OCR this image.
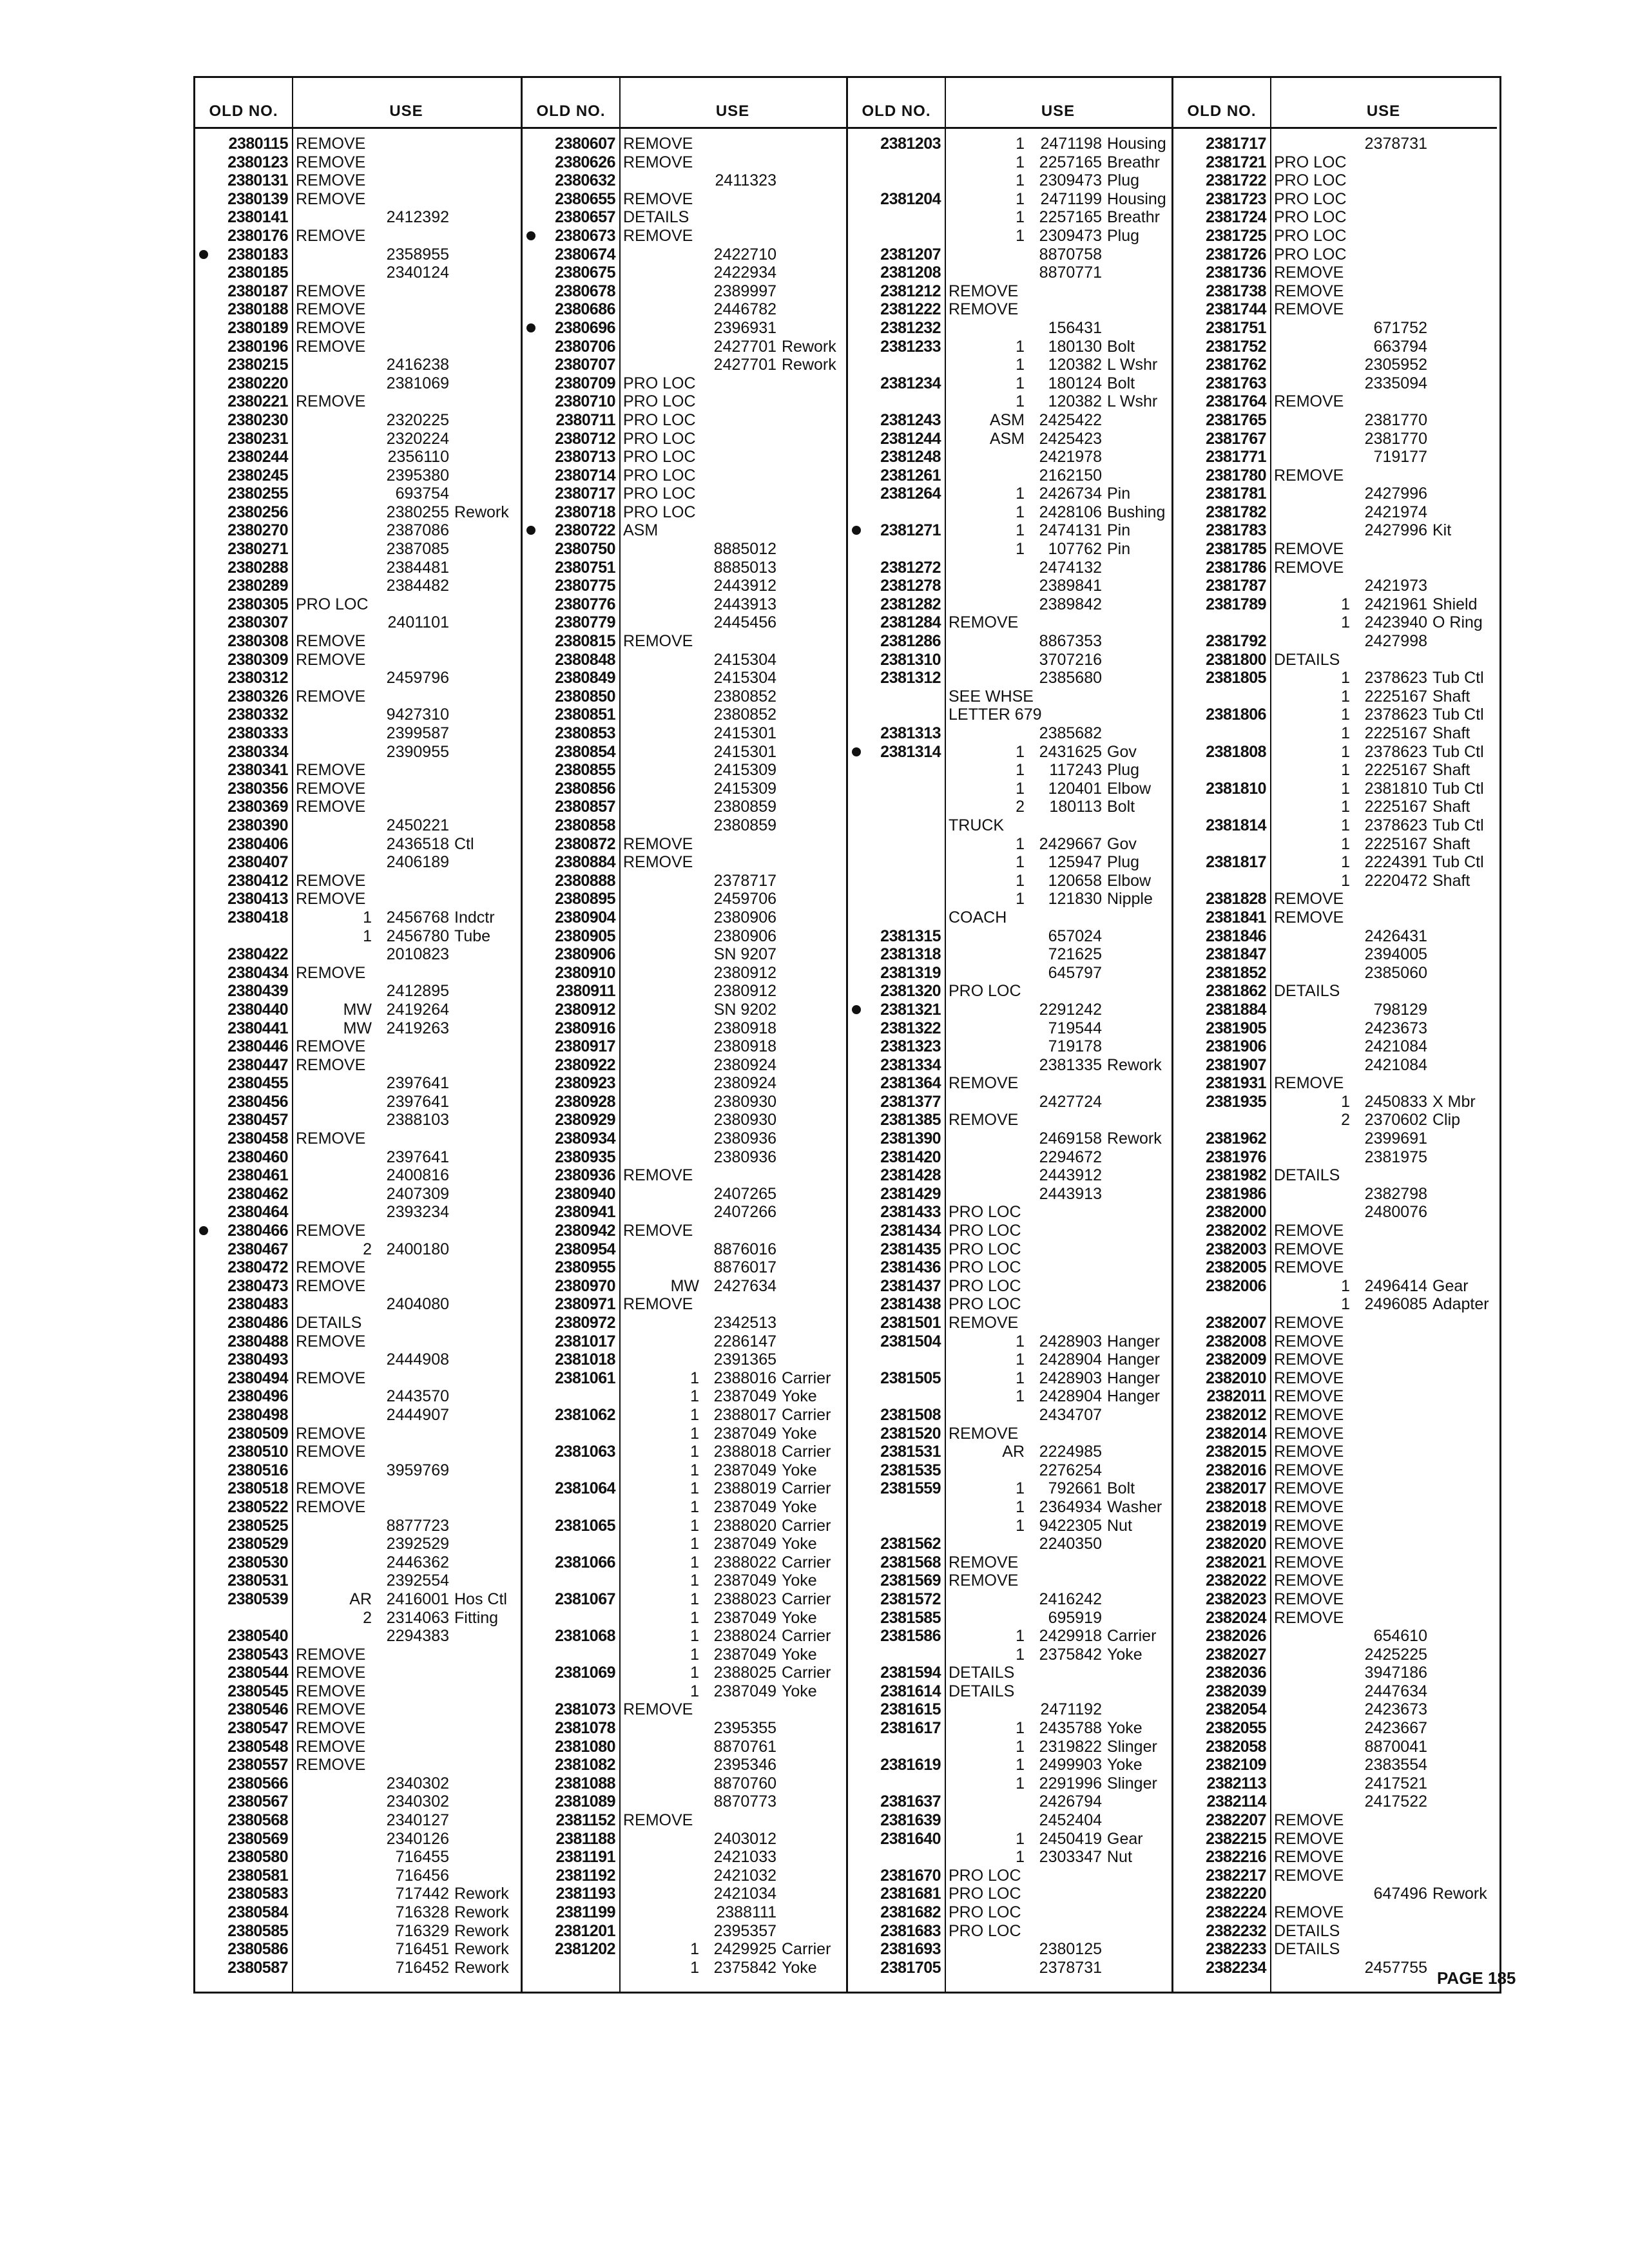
OLD NO.	USE
2380115 REMOVE
2380123 REMOVE
2380131 REMOVE
2380139 REMOVE
2380141	2412392
2380176 REMOVE
2380183	2358955
2380185	2340124
2380187 REMOVE
2380188 REMOVE
2380189 REMOVE
2380196 REMOVE
2380215	2416238
2380220	2381069
2380221 REMOVE
2380230	2320225
2380231	2320224
2380244	2356110
2380245	2395380
2380255	693754
2380256	2380255 Rework
2380270	2387086
2380271	2387085
2380288	2384481
2380289	2384482
2380305 PRO LOC
2380307	2401101
2380308 REMOVE
2380309 REMOVE
2380312	2459796
2380326 REMOVE
2380332	9427310
2380333	2399587
2380334	2390955
2380341 REMOVE
2380356 REMOVE
2380369 REMOVE
2380390	2450221
2380406	2436518 Ctl
2380407	2406189
2380412 REMOVE
2380413 REMOVE
2380418	1 2456768 Indctr
1 2456780 Tube
2380422	2010823
2380434 REMOVE
2380439	2412895
2380440	MW 2419264
2380441	MW 2419263
2380446 REMOVE
2380447 REMOVE
2380455	2397641
2380456	2397641
2380457	2388103
2380458 REMOVE
2380460	2397641
2380461	2400816
2380462	2407309
2380464	2393234
2380466 REMOVE
2380467	2 2400180
2380472 REMOVE
2380473 REMOVE
2380483	2404080
2380486 DETAILS
2380488 REMOVE
2380493	2444908
2380494 REMOVE
2380496	2443570
2380498	2444907
2380509 REMOVE
2380510 REMOVE
2380516	3959769
2380518 REMOVE
2380522 REMOVE
2380525	8877723
2380529	2392529
2380530	2446362
2380531	2392554
2380539	AR 2416001 Hos Ctl
2 2314063 Fitting
2380540	2294383
2380543 REMOVE
2380544 REMOVE
2380545 REMOVE
2380546 REMOVE
2380547 REMOVE
2380548 REMOVE
2380557 REMOVE
2380566	2340302
2380567	2340302
2380568	2340127
2380569	2340126
2380580	716455
2380581	716456
2380583	717442 Rework
2380584	716328 Rework
2380585	716329 Rework
2380586	716451 Rework
2380587	716452 Rework
OLD NO.	USE
2380607 REMOVE
2380626 REMOVE
2380632	2411323
2380655 REMOVE
2380657 DETAILS
2380673 REMOVE
2380674	2422710
2380675	2422934
2380678	2389997
2380686	2446782
2380696	2396931
2380706	2427701 Rework
2380707	2427701 Rework
2380709 PRO LOC
2380710 PRO LOC
2380711 PRO LOC
2380712 PRO LOC
2380713 PRO LOC
2380714 PRO LOC
2380717 PRO LOC
2380718 PRO LOC
2380722 ASM
2380750	8885012
2380751	8885013
2380775	2443912
2380776	2443913
2380779	2445456
2380815 REMOVE
2380848	2415304
2380849	2415304
2380850	2380852
2380851	2380852
2380853	2415301
2380854	2415301
2380855	2415309
2380856	2415309
2380857	2380859
2380858	2380859
2380872 REMOVE
2380884 REMOVE
2380888	2378717
2380895	2459706
2380904	2380906
2380905	2380906
2380906	SN 9207
2380910	2380912
2380911	2380912
2380912	SN 9202
2380916	2380918
2380917	2380918
2380922	2380924
2380923	2380924
2380928	2380930
2380929	2380930
2380934	2380936
2380935	2380936
2380936 REMOVE
2380940	2407265
2380941	2407266
2380942 REMOVE
2380954	8876016
2380955	8876017
2380970	MW 2427634
2380971 REMOVE
2380972	2342513
2381017	2286147
2381018	2391365
2381061	1 2388016 Carrier
1 2387049 Yoke
2381062	1 2388017 Carrier
1 2387049 Yoke
2381063	1 2388018 Carrier
1 2387049 Yoke
2381064	1 2388019 Carrier
1 2387049 Yoke
2381065	1 2388020 Carrier
1 2387049 Yoke
2381066	1 2388022 Carrier
1 2387049 Yoke
2381067	1 2388023 Carrier
1 2387049 Yoke
2381068	1 2388024 Carrier
1 2387049 Yoke
2381069	1 2388025 Carrier
1 2387049 Yoke
2381073 REMOVE
2381078	2395355
2381080	8870761
2381082	2395346
2381088	8870760
2381089	8870773
2381152 REMOVE
2381188	2403012
2381191	2421033
2381192	2421032
2381193	2421034
2381199	2388111
2381201	2395357
2381202	1 2429925 Carrier
1 2375842 Yoke
OLD NO.	USE
2381203	1 2471198 Housing
1 2257165 Breathr
1 2309473 Plug
2381204	1 2471199 Housing
1 2257165 Breathr
1 2309473 Plug
2381207	8870758
2381208	8870771
2381212 REMOVE
2381222 REMOVE
2381232	156431
2381233	1	180130 Bolt
1	120382 L Wshr
2381234	1	180124 Bolt
1	120382 L Wshr
2381243	ASM 2425422
2381244	ASM 2425423
2381248	2421978
2381261	2162150
2381264	1 2426734 Pin
1 2428106 Bushing
2381271	1 2474131 Pin
1	107762 Pin
2381272	2474132
2381278	2389841
2381282	2389842
2381284 REMOVE
2381286	8867353
2381310	3707216
2381312	2385680
SEE WHSE
LETTER 679
2381313	2385682
2381314	1 2431625 Gov
1	117243 Plug
1	120401 Elbow
2	180113 Bolt
TRUCK
1 2429667 Gov
1	125947 Plug
1	120658 Elbow
1	121830 Nipple
COACH
2381315	657024
2381318	721625
2381319	645797
2381320 PRO LOC
2381321	2291242
2381322	719544
2381323	719178
2381334	2381335 Rework
2381364 REMOVE
2381377	2427724
2381385 REMOVE
2381390	2469158 Rework
2381420	2294672
2381428	2443912
2381429	2443913
2381433 PRO LOC
2381434 PRO LOC
2381435 PRO LOC
2381436 PRO LOC
2381437 PRO LOC
2381438 PRO LOC
2381501 REMOVE
2381504	1 2428903 Hanger
1 2428904 Hanger
2381505	1 2428903 Hanger
1 2428904 Hanger
2381508	2434707
2381520 REMOVE
2381531	AR 2224985
2381535	2276254
2381559	1	792661 Bolt
1 2364934 Washer
1 9422305 Nut
2381562	2240350
2381568 REMOVE
2381569 REMOVE
2381572	2416242
2381585	695919
2381586	1 2429918 Carrier
1 2375842 Yoke
2381594 DETAILS
2381614 DETAILS
2381615	2471192
2381617	1 2435788 Yoke
1 2319822 Slinger
2381619	1 2499903 Yoke
1 2291996 Slinger
2381637	2426794
2381639	2452404
2381640	1 2450419 Gear
1 2303347 Nut
2381670 PRO LOC
2381681 PRO LOC
2381682 PRO LOC
2381683 PRO LOC
2381693	2380125
2381705	2378731
OLD NO.	USE
2381717	2378731
2381721 PRO LOC
2381722 PRO LOC
2381723 PRO LOC
2381724 PRO LOC
2381725 PRO LOC
2381726 PRO LOC
2381736 REMOVE
2381738 REMOVE
2381744 REMOVE
2381751	671752
2381752	663794
2381762	2305952
2381763	2335094
2381764 REMOVE
2381765	2381770
2381767	2381770
2381771	719177
2381780 REMOVE
2381781	2427996
2381782	2421974
2381783	2427996 Kit
2381785 REMOVE
2381786 REMOVE
2381787	2421973
2381789	1 2421961 Shield
1 2423940 O Ring
2381792	2427998
2381800 DETAILS
2381805	1 2378623 Tub Ctl
1 2225167 Shaft
2381806	1 2378623 Tub Ctl
1 2225167 Shaft
2381808	1 2378623 Tub Ctl
1 2225167 Shaft
2381810	1 2381810 Tub Ctl
1 2225167 Shaft
2381814	1 2378623 Tub Ctl
1 2225167 Shaft
2381817	1 2224391 Tub Ctl
1 2220472 Shaft
2381828 REMOVE
2381841 REMOVE
2381846	2426431
2381847	2394005
2381852	2385060
2381862 DETAILS
2381884	798129
2381905	2423673
2381906	2421084
2381907	2421084
2381931 REMOVE
2381935	1 2450833 X Mbr
2 2370602 Clip
2381962	2399691
2381976	2381975
2381982 DETAILS
2381986	2382798
2382000	2480076
2382002 REMOVE
2382003 REMOVE
2382005 REMOVE
2382006	1 2496414 Gear
1 2496085 Adapter
2382007 REMOVE
2382008 REMOVE
2382009 REMOVE
2382010 REMOVE
2382011 REMOVE
2382012 REMOVE
2382014 REMOVE
2382015 REMOVE
2382016 REMOVE
2382017 REMOVE
2382018 REMOVE
2382019 REMOVE
2382020 REMOVE
2382021 REMOVE
2382022 REMOVE
2382023 REMOVE
2382024 REMOVE
2382026	654610
2382027	2425225
2382036	3947186
2382039	2447634
2382054	2423673
2382055	2423667
2382058	8870041
2382109	2383554
2382113	2417521
2382114	2417522
2382207 REMOVE
2382215 REMOVE
2382216 REMOVE
2382217 REMOVE
2382220	647496 Rework
2382224 REMOVE
2382232 DETAILS
2382233 DETAILS
2382234	2457755
PAGE 185
